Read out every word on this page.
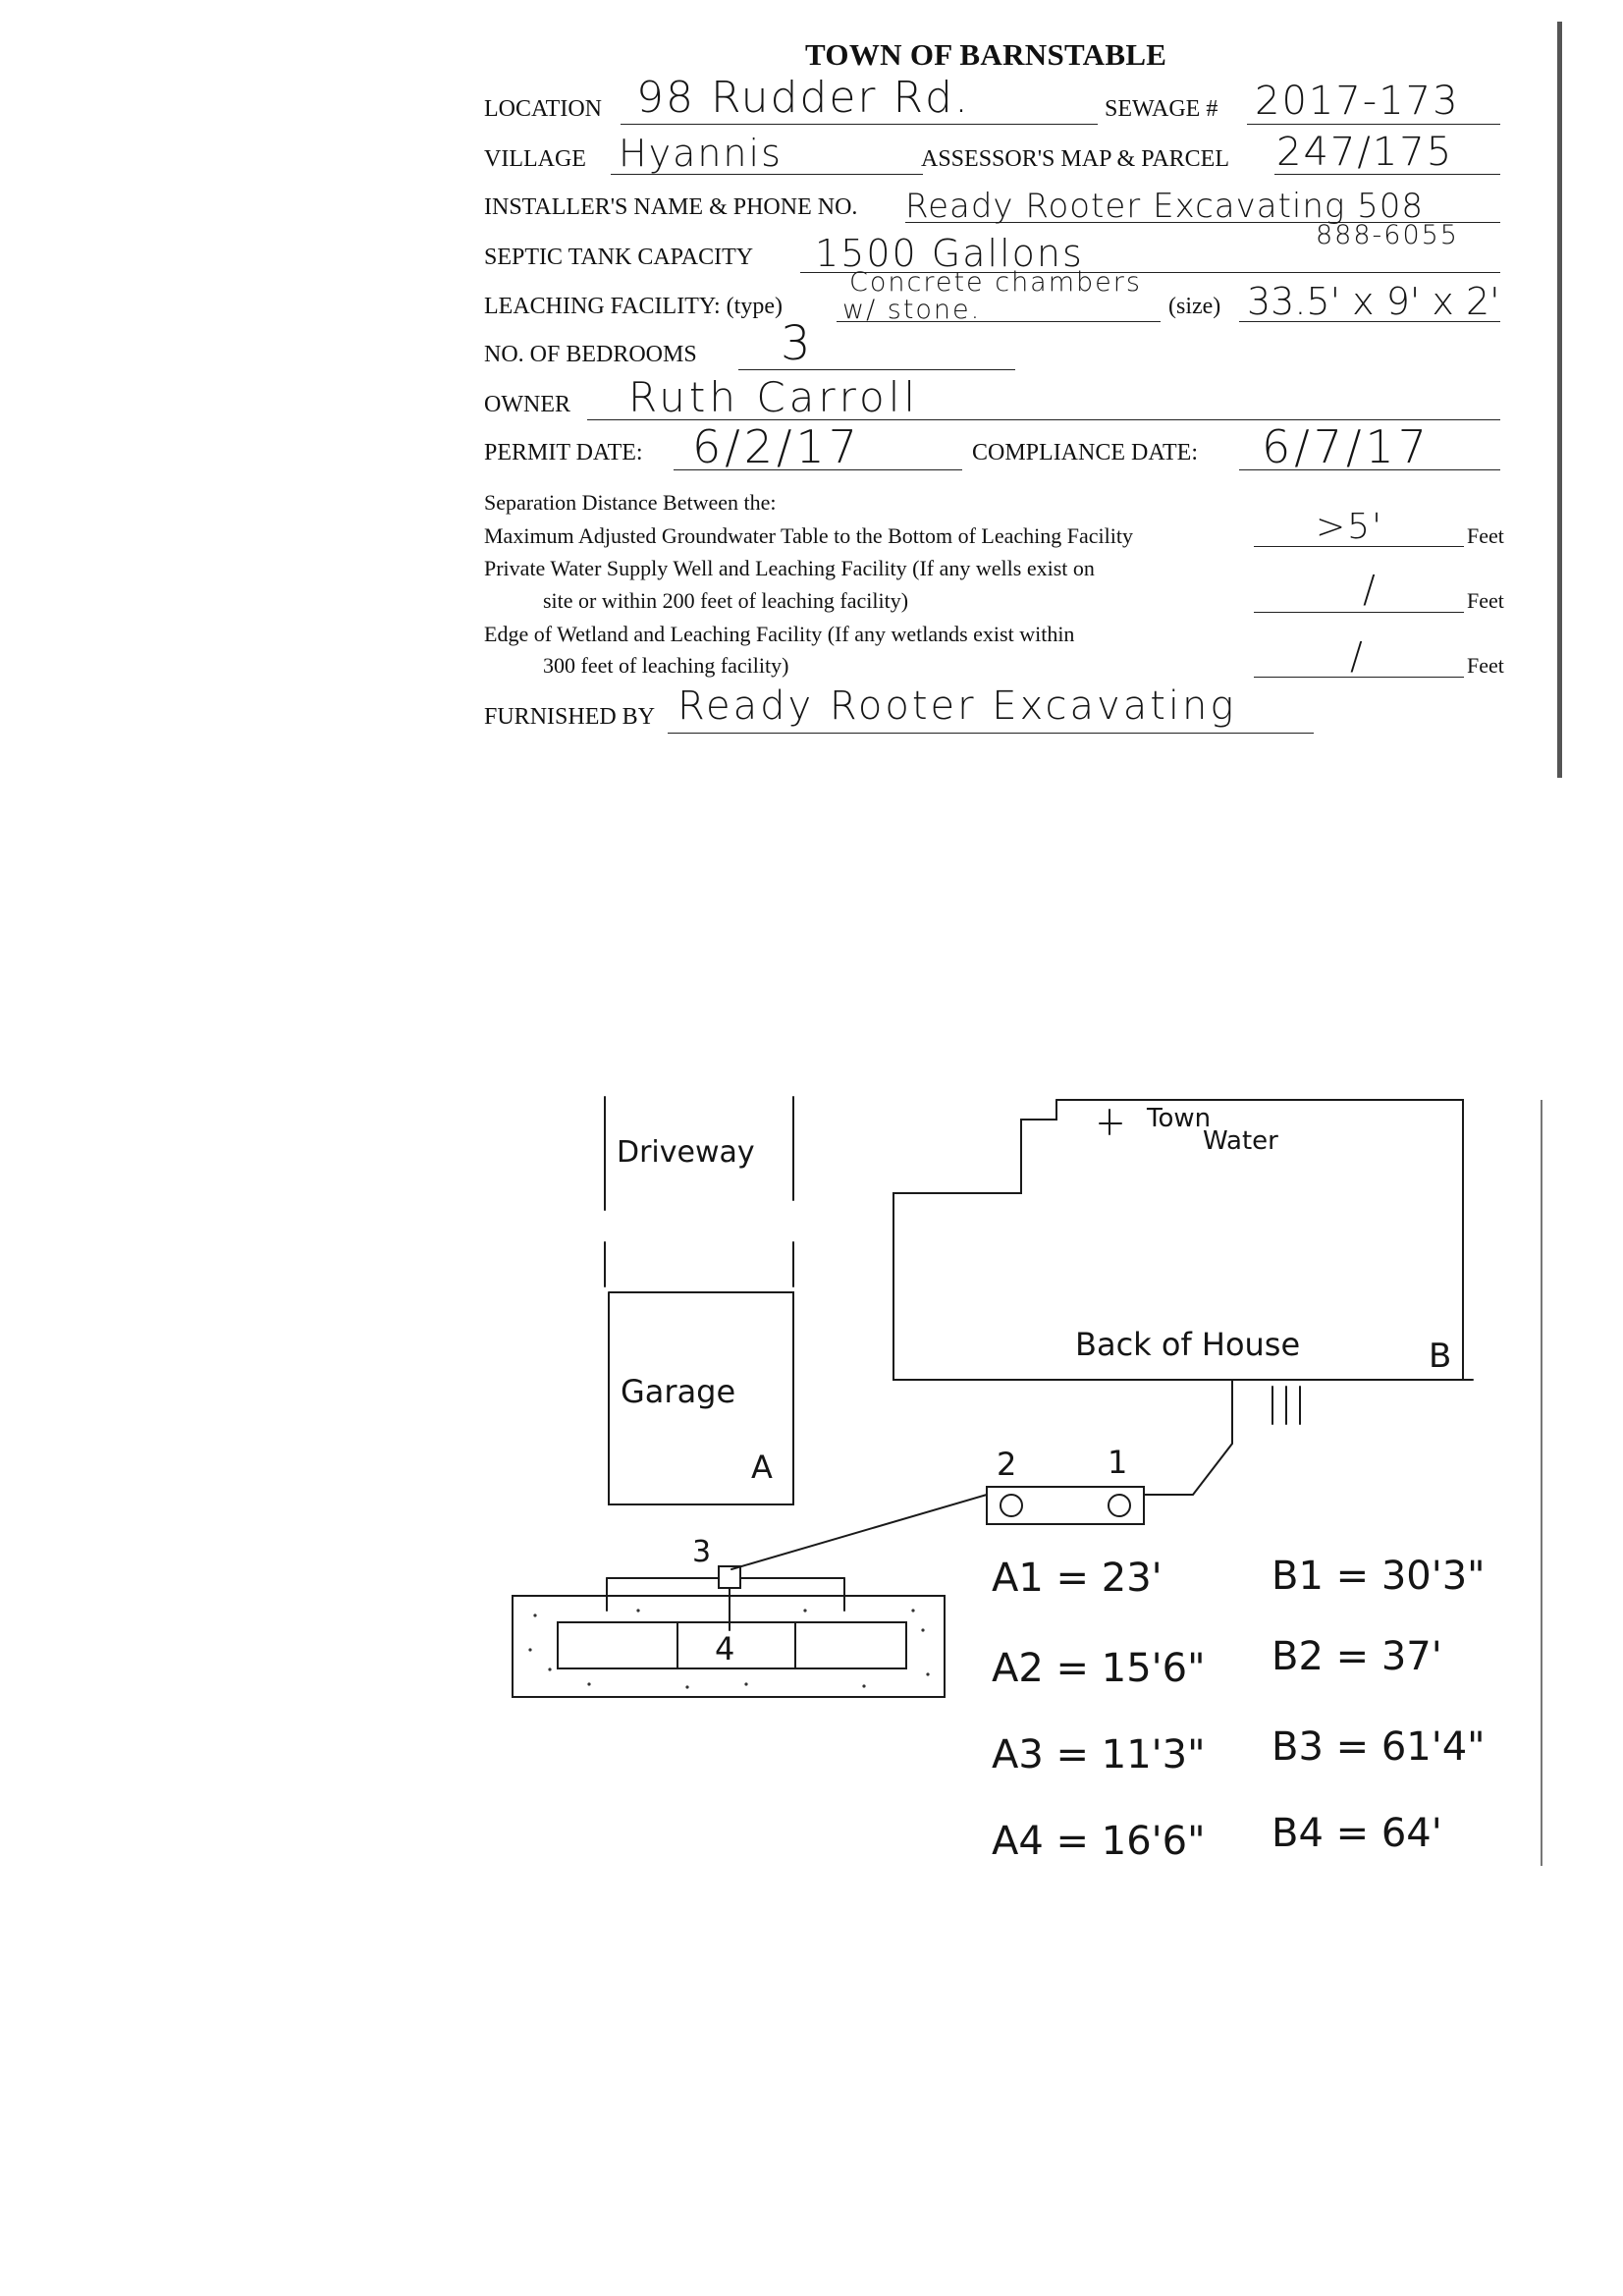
TOWN OF BARNSTABLE
LOCATION 98 Rudder Rd.	SEWAGE # 2017-173
VILLAGE Hyannis	ASSESSOR'S MAP & PARCEL 247/175
INSTALLER'S NAME & PHONE NO. Ready Rooter Excavating 508
888-6055
SEPTIC TANK CAPACITY 1500 Gallons
LEACHING FACILITY: (type)
Concrete chambers
w/ stone.	(size) 33.5' x 9' x 2'
NO. OF BEDROOMS 3
OWNER Ruth Carroll
PERMIT DATE: 6/2/17	COMPLIANCE DATE: 6/7/17
Separation Distance Between the:
Maximum Adjusted Groundwater Table to the Bottom of Leaching Facility	>5'	Feet
Private Water Supply Well and Leaching Facility (If any wells exist on
site or within 200 feet of leaching facility)	/	Feet
Edge of Wetland and Leaching Facility (If any wetlands exist within
300 feet of leaching facility)	/	Feet
FURNISHED BY Ready Rooter Excavating
Driveway
Garage
A
Town
Water
Back of House	B
2	1
3
4
A1 = 23'
A2 = 15'6"
A3 = 11'3"
A4 = 16'6"
B1 = 30'3"
B2 = 37'
B3 = 61'4"
B4 = 64'
